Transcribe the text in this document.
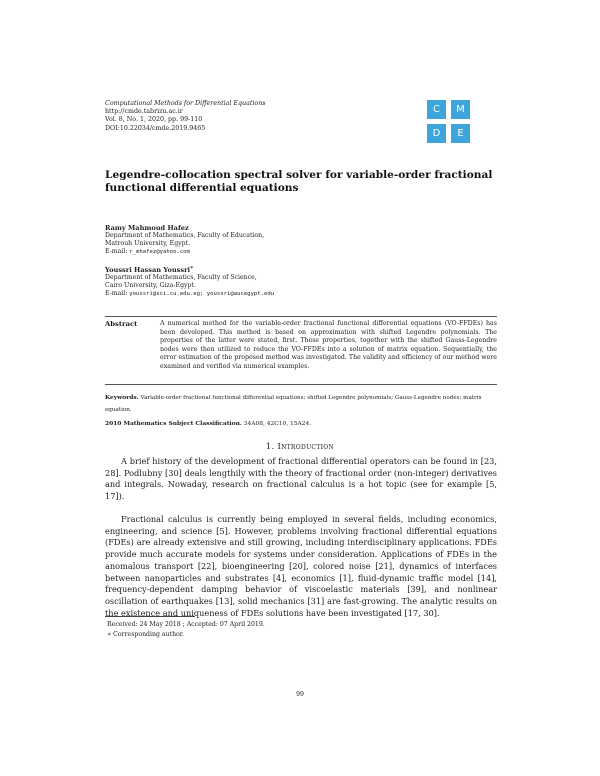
Computational Methods for Differential Equations
http://cmde.tabrizu.ac.ir
Vol. 8, No. 1, 2020, pp. 99-110
DOI:10.22034/cmde.2019.9465
C	M
D	E
Legendre-collocation spectral solver for variable-order fractional functional differential equations
Ramy Mahmoud Hafez
Department of Mathematics, Faculty of Education,
Matrouh University, Egypt.
E-mail: r_mhafez@yahoo.com
Youssri Hassan Youssri∗
Department of Mathematics, Faculty of Science,
Cairo University, Giza-Egypt.
E-mail: youssri@sci.cu.edu.eg; youssri@aucegypt.edu
Abstract	A numerical method for the variable-order fractional functional differential equations (VO-FFDEs) has been developed. This method is based on approximation with shifted Legendre polynomials. The properties of the latter were stated, first. These properties, together with the shifted Gauss-Legendre nodes were then utilized to reduce the VO-FFDEs into a solution of matrix equation. Sequentially, the error estimation of the proposed method was investigated. The validity and efficiency of our method were examined and verified via numerical examples.
Keywords. Variable-order fractional functional differential equations; shifted Legendre polynomials; Gauss-Legendre nodes; matrix equation.
2010 Mathematics Subject Classification. 34A08, 42C10, 15A24.
1. Introduction

A brief history of the development of fractional differential operators can be found in [23, 28]. Podlubny [30] deals lengthily with the theory of fractional order (non-integer) derivatives and integrals. Nowaday, research on fractional calculus is a hot topic (see for example [5, 17]).

Fractional calculus is currently being employed in several fields, including economics, engineering, and science [5]. However, problems involving fractional differential equations (FDEs) are already extensive and still growing, including interdisciplinary applications. FDEs provide much accurate models for systems under consideration. Applications of FDEs in the anomalous transport [22], bioengineering [20], colored noise [21], dynamics of interfaces between nanoparticles and substrates [4], economics [1], fluid-dynamic traffic model [14], frequency-dependent damping behavior of viscoelastic materials [39], and nonlinear oscillation of earthquakes [13], solid mechanics [31] are fast-growing. The analytic results on the existence and uniqueness of FDEs solutions have been investigated [17, 30].

Received: 24 May 2018 ; Accepted: 07 April 2019.
∗ Corresponding author.
99
